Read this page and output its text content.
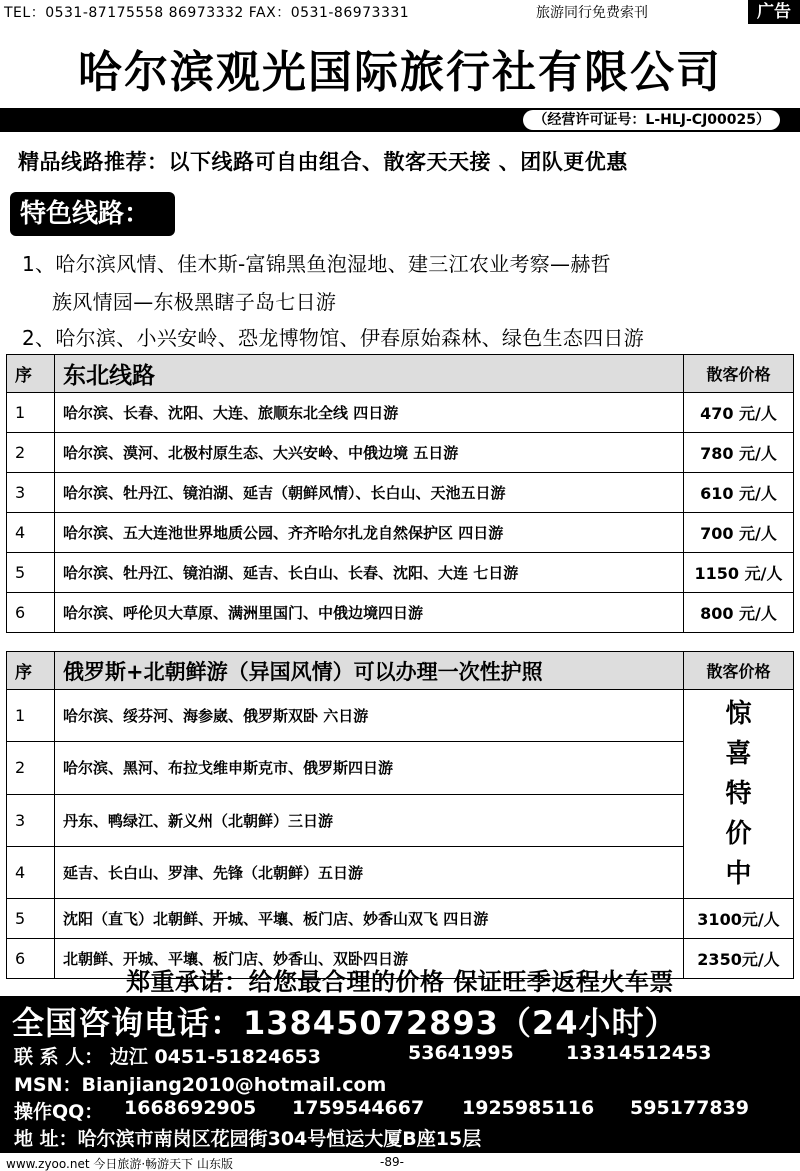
TEL：0531-87175558 86973332 FAX：0531-86973331	旅游同行免费索刊	广告
哈尔滨观光国际旅行社有限公司
（经营许可证号：L-HLJ-CJ00025）
精品线路推荐：以下线路可自由组合、散客天天接 、团队更优惠
特色线路：
1、哈尔滨风情、佳木斯-富锦黑鱼泡湿地、建三江农业考察—赫哲
族风情园—东极黑瞎子岛七日游
2、哈尔滨、小兴安岭、恐龙博物馆、伊春原始森林、绿色生态四日游
序	东北线路	散客价格
1	哈尔滨、长春、沈阳、大连、旅顺东北全线 四日游	470 元/人
2	哈尔滨、漠河、北极村原生态、大兴安岭、中俄边境 五日游	780 元/人
3	哈尔滨、牡丹江、镜泊湖、延吉（朝鲜风情）、长白山、天池五日游	610 元/人
4	哈尔滨、五大连池世界地质公园、齐齐哈尔扎龙自然保护区 四日游	700 元/人
5	哈尔滨、牡丹江、镜泊湖、延吉、长白山、长春、沈阳、大连 七日游	1150 元/人
6	哈尔滨、呼伦贝大草原、满洲里国门、中俄边境四日游	800 元/人
序	俄罗斯+北朝鲜游（异国风情）可以办理一次性护照	散客价格
1	哈尔滨、绥芬河、海参崴、俄罗斯双卧 六日游	惊
喜
特
价
中

2	哈尔滨、黑河、布拉戈维申斯克市、俄罗斯四日游	
3	丹东、鸭绿江、新义州（北朝鲜）三日游	
4	延吉、长白山、罗津、先锋（北朝鲜）五日游	
5	沈阳（直飞）北朝鲜、开城、平壤、板门店、妙香山双飞 四日游	3100元/人
6	北朝鲜、开城、平壤、板门店、妙香山、双卧四日游	2350元/人
郑重承诺：给您最合理的价格 保证旺季返程火车票
全国咨询电话：13845072893（24小时）
联 系 人： 边江 0451-51824653	53641995	13314512453
MSN：Bianjiang2010@hotmail.com
操作QQ： 1668692905 1759544667 1925985116 595177839
地 址：哈尔滨市南岗区花园街304号恒运大厦B座15层
www.zyoo.net 今日旅游·畅游天下 山东版	-89-
